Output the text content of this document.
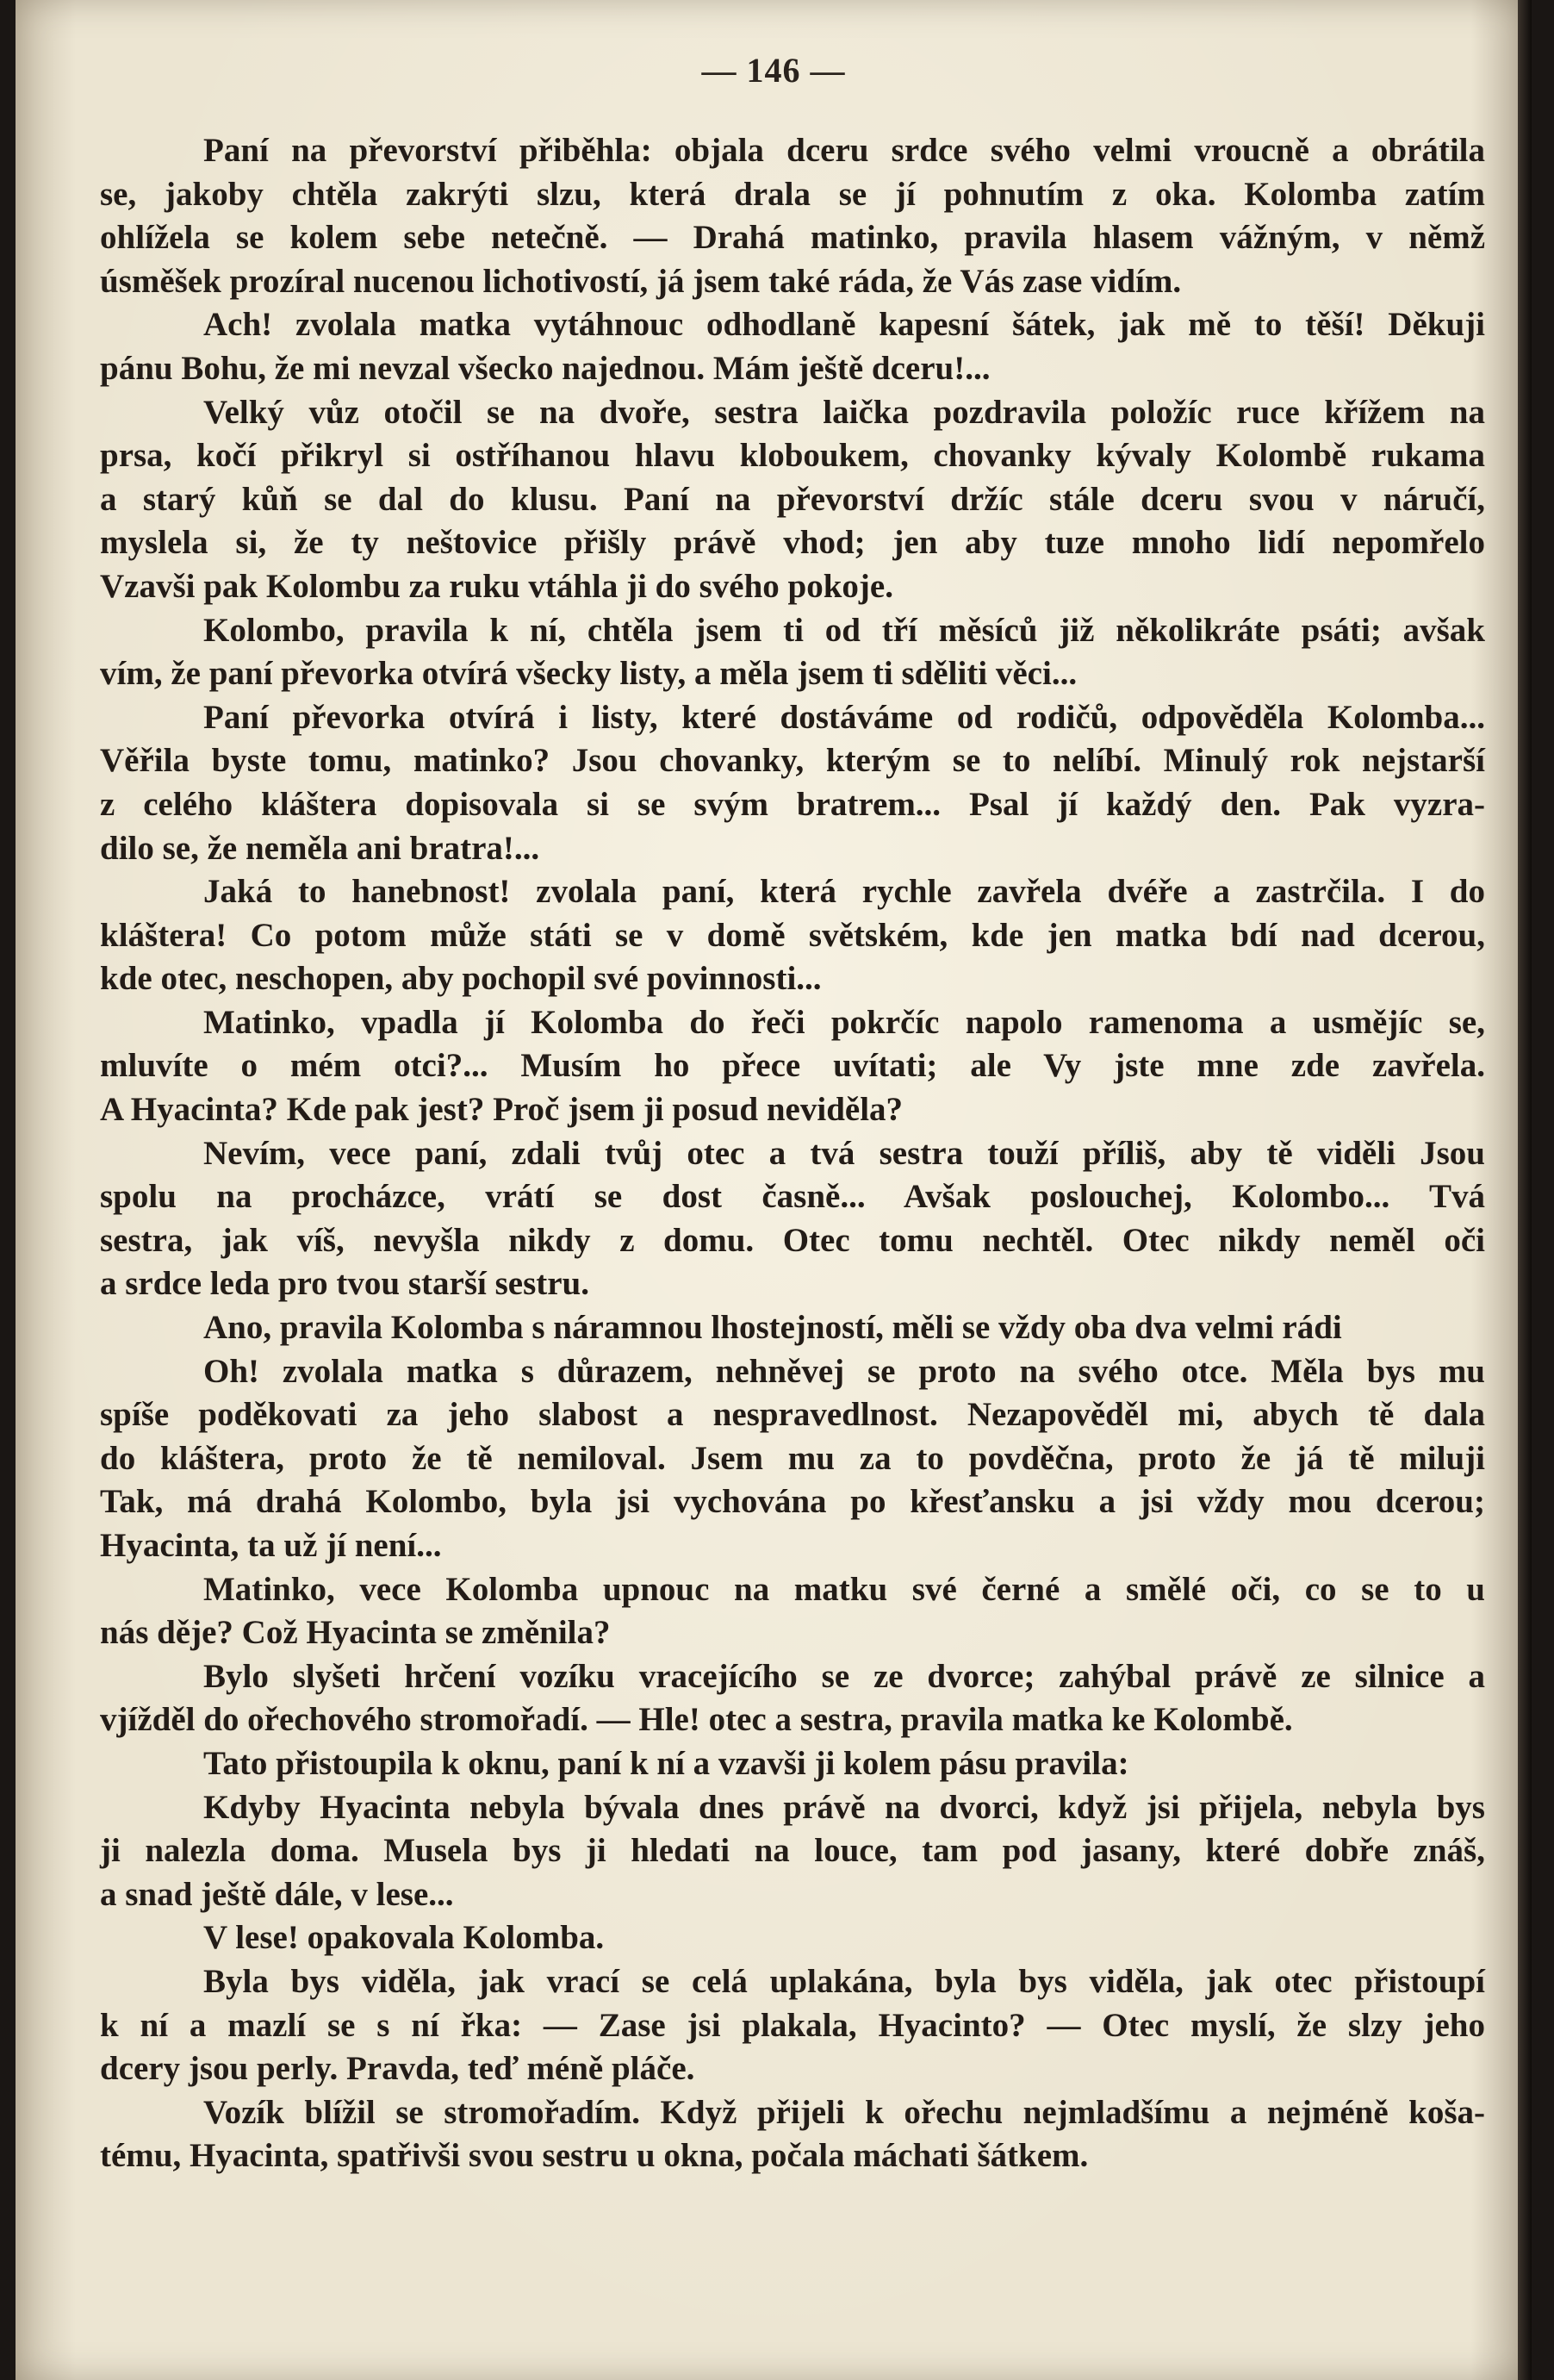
— 146 —
Paní na převorství přiběhla: objala dceru srdce svého velmi vroucně a obrátila
se, jakoby chtěla zakrýti slzu, která drala se jí pohnutím z oka. Kolomba zatím
ohlížela se kolem sebe netečně. — Drahá matinko, pravila hlasem vážným, v němž
úsměšek prozíral nucenou lichotivostí, já jsem také ráda, že Vás zase vidím.
Ach! zvolala matka vytáhnouc odhodlaně kapesní šátek, jak mě to těší! Děkuji
pánu Bohu, že mi nevzal všecko najednou. Mám ještě dceru!...
Velký vůz otočil se na dvoře, sestra laička pozdravila položíc ruce křížem na
prsa, kočí přikryl si ostříhanou hlavu kloboukem, chovanky kývaly Kolombě rukama
a starý kůň se dal do klusu. Paní na převorství držíc stále dceru svou v náručí,
myslela si, že ty neštovice přišly právě vhod; jen aby tuze mnoho lidí nepomřelo
Vzavši pak Kolombu za ruku vtáhla ji do svého pokoje.
Kolombo, pravila k ní, chtěla jsem ti od tří měsíců již několikráte psáti; avšak
vím, že paní převorka otvírá všecky listy, a měla jsem ti sděliti věci...
Paní převorka otvírá i listy, které dostáváme od rodičů, odpověděla Kolomba...
Věřila byste tomu, matinko? Jsou chovanky, kterým se to nelíbí. Minulý rok nejstarší
z celého kláštera dopisovala si se svým bratrem... Psal jí každý den. Pak vyzra-
dilo se, že neměla ani bratra!...
Jaká to hanebnost! zvolala paní, která rychle zavřela dvéře a zastrčila. I do
kláštera! Co potom může státi se v domě světském, kde jen matka bdí nad dcerou,
kde otec, neschopen, aby pochopil své povinnosti...
Matinko, vpadla jí Kolomba do řeči pokrčíc napolo ramenoma a usmějíc se,
mluvíte o mém otci?... Musím ho přece uvítati; ale Vy jste mne zde zavřela.
A Hyacinta? Kde pak jest? Proč jsem ji posud neviděla?
Nevím, vece paní, zdali tvůj otec a tvá sestra touží příliš, aby tě viděli Jsou
spolu na procházce, vrátí se dost časně... Avšak poslouchej, Kolombo... Tvá
sestra, jak víš, nevyšla nikdy z domu. Otec tomu nechtěl. Otec nikdy neměl oči
a srdce leda pro tvou starší sestru.
Ano, pravila Kolomba s náramnou lhostejností, měli se vždy oba dva velmi rádi
Oh! zvolala matka s důrazem, nehněvej se proto na svého otce. Měla bys mu
spíše poděkovati za jeho slabost a nespravedlnost. Nezapověděl mi, abych tě dala
do kláštera, proto že tě nemiloval. Jsem mu za to povděčna, proto že já tě miluji
Tak, má drahá Kolombo, byla jsi vychována po křesťansku a jsi vždy mou dcerou;
Hyacinta, ta už jí není...
Matinko, vece Kolomba upnouc na matku své černé a smělé oči, co se to u
nás děje? Což Hyacinta se změnila?
Bylo slyšeti hrčení vozíku vracejícího se ze dvorce; zahýbal právě ze silnice a
vjížděl do ořechového stromořadí. — Hle! otec a sestra, pravila matka ke Kolombě.
Tato přistoupila k oknu, paní k ní a vzavši ji kolem pásu pravila:
Kdyby Hyacinta nebyla bývala dnes právě na dvorci, když jsi přijela, nebyla bys
ji nalezla doma. Musela bys ji hledati na louce, tam pod jasany, které dobře znáš,
a snad ještě dále, v lese...
V lese! opakovala Kolomba.
Byla bys viděla, jak vrací se celá uplakána, byla bys viděla, jak otec přistoupí
k ní a mazlí se s ní řka: — Zase jsi plakala, Hyacinto? — Otec myslí, že slzy jeho
dcery jsou perly. Pravda, teď méně pláče.
Vozík blížil se stromořadím. Když přijeli k ořechu nejmladšímu a nejméně koša-
tému, Hyacinta, spatřivši svou sestru u okna, počala máchati šátkem.
